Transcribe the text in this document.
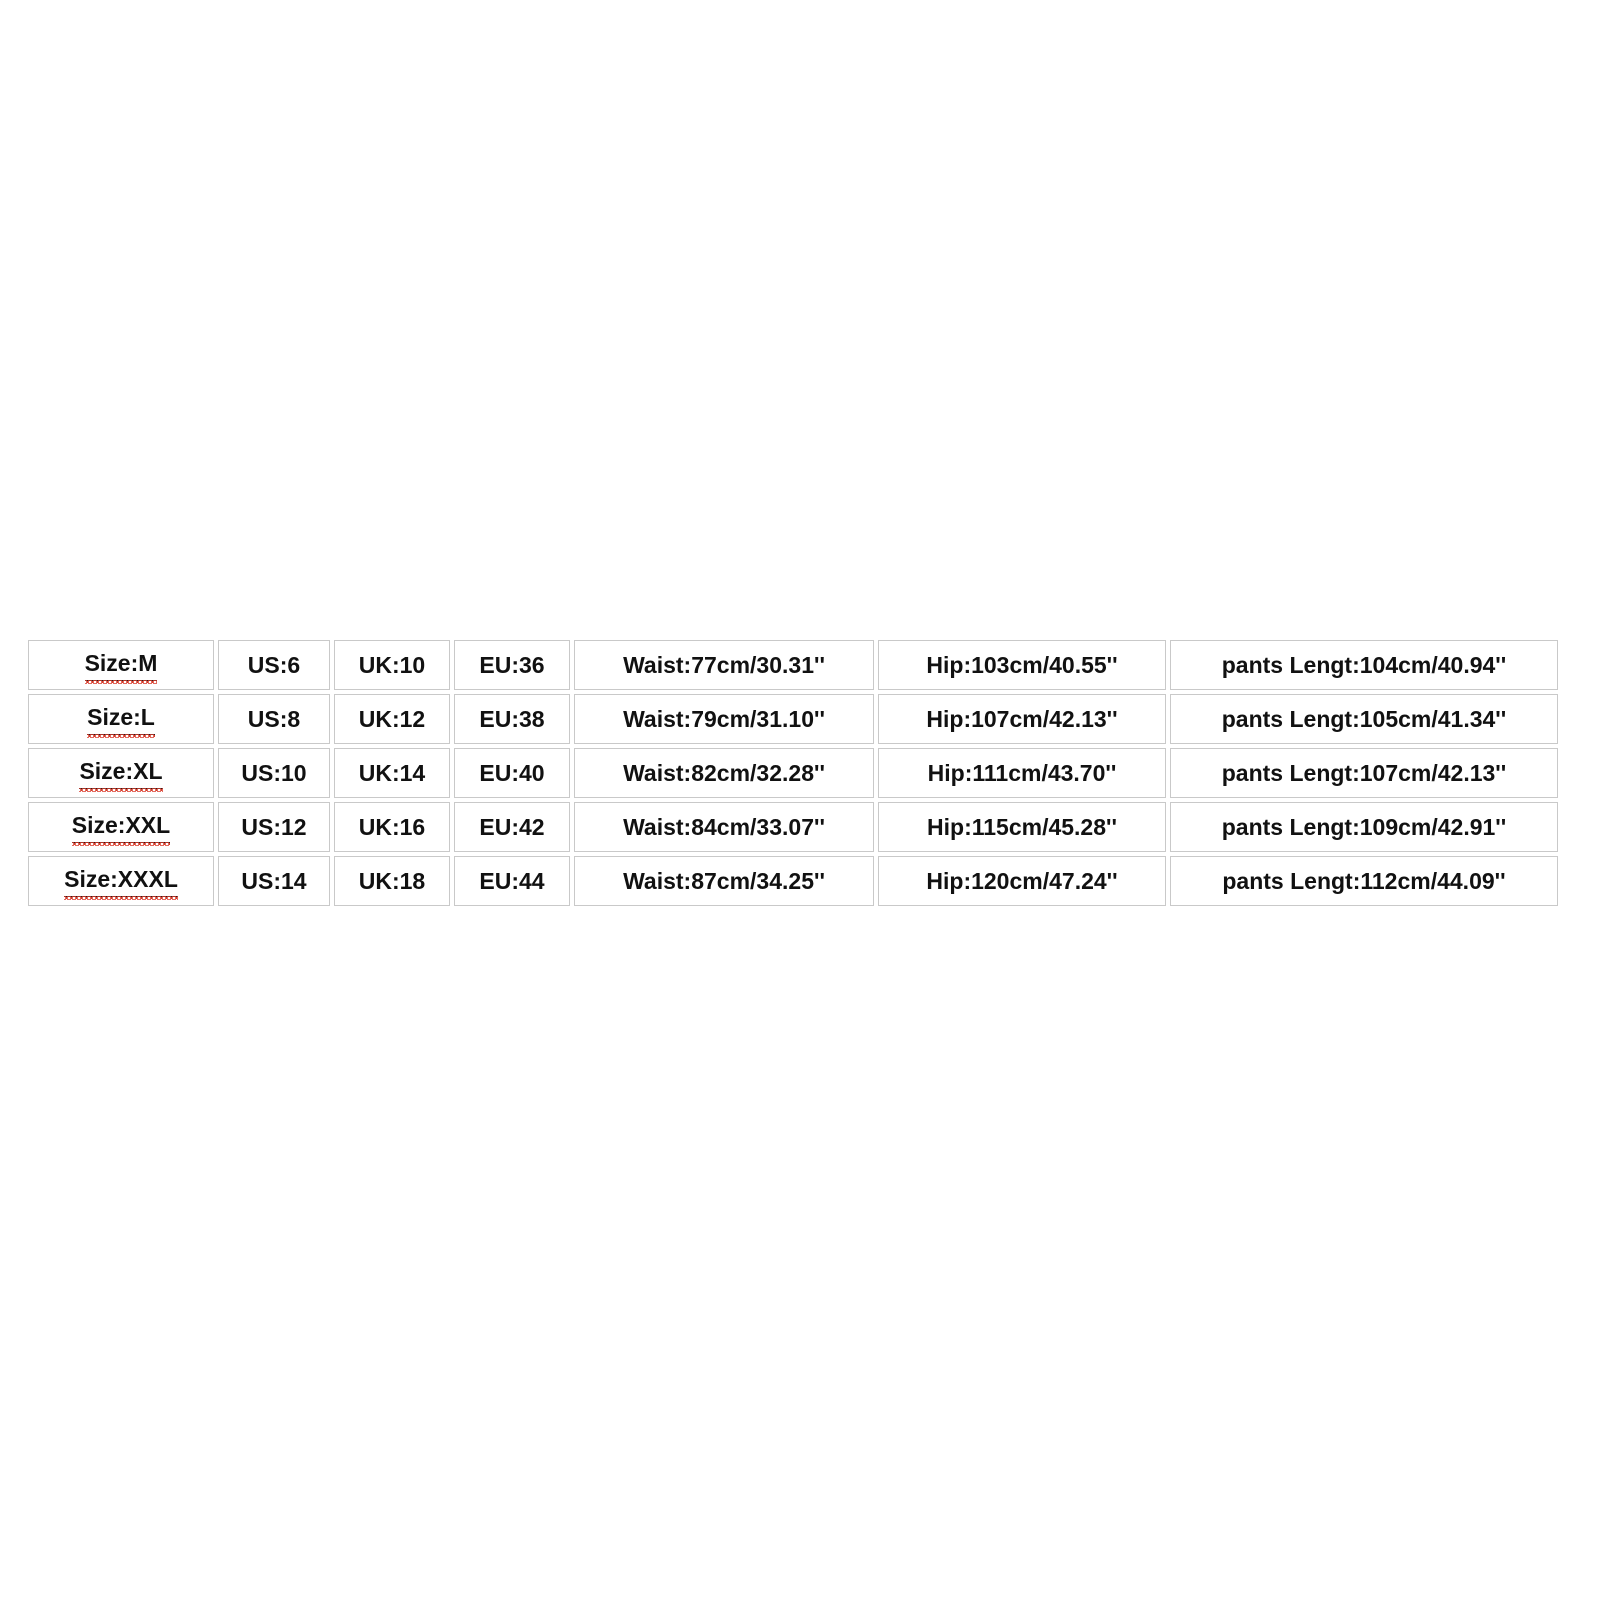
Size:M	US:6	UK:10	EU:36	Waist:77cm/30.31''	Hip:103cm/40.55''	pants Lengt:104cm/40.94''
Size:L	US:8	UK:12	EU:38	Waist:79cm/31.10''	Hip:107cm/42.13''	pants Lengt:105cm/41.34''
Size:XL	US:10	UK:14	EU:40	Waist:82cm/32.28''	Hip:111cm/43.70''	pants Lengt:107cm/42.13''
Size:XXL	US:12	UK:16	EU:42	Waist:84cm/33.07''	Hip:115cm/45.28''	pants Lengt:109cm/42.91''
Size:XXXL	US:14	UK:18	EU:44	Waist:87cm/34.25''	Hip:120cm/47.24''	pants Lengt:112cm/44.09''
